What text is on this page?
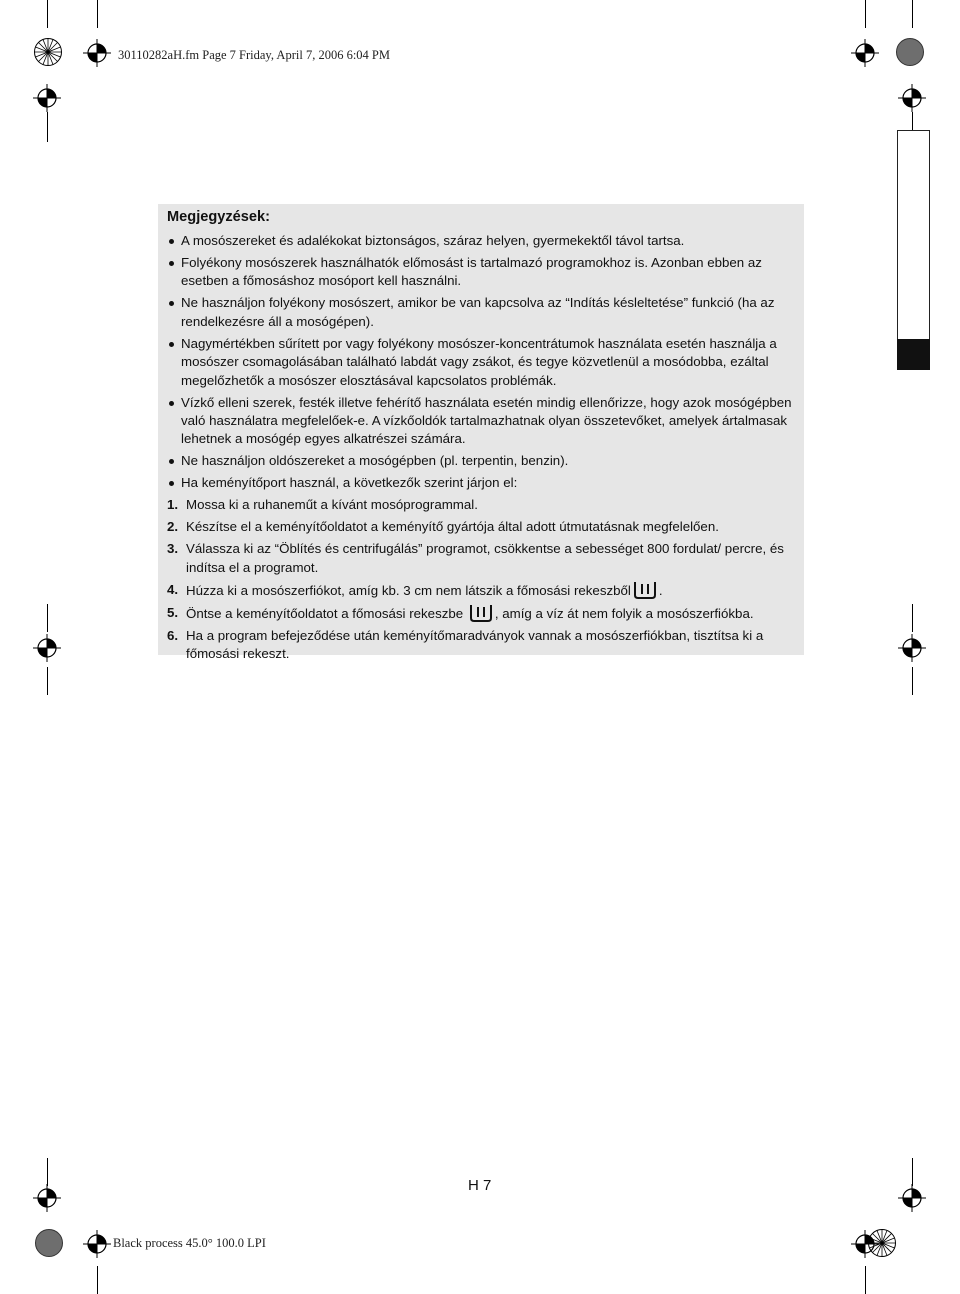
30110282aH.fm Page 7 Friday, April 7, 2006 6:04 PM
Black process 45.0° 100.0 LPI
Megjegyzések:
A mosószereket és adalékokat biztonságos, száraz helyen, gyermekektől távol tartsa.
Folyékony mosószerek használhatók előmosást is tartalmazó programokhoz is. Azonban ebben az esetben a főmosáshoz mosóport kell használni.
Ne használjon folyékony mosószert, amikor be van kapcsolva az “Indítás késleltetése” funkció (ha az rendelkezésre áll a mosógépen).
Nagymértékben sűrített por vagy folyékony mosószer-koncentrátumok használata esetén használja a mosószer csomagolásában található labdát vagy zsákot, és tegye közvetlenül a mosódobba, ezáltal megelőzhetők a mosószer elosztásával kapcsolatos problémák.
Vízkő elleni szerek, festék illetve fehérítő használata esetén mindig ellenőrizze, hogy azok mosógépben való használatra megfelelőek-e. A vízkőoldók tartalmazhatnak olyan összetevőket, amelyek ártalmasak lehetnek a mosógép egyes alkatrészei számára.
Ne használjon oldószereket a mosógépben (pl. terpentin, benzin).
Ha keményítőport használ, a következők szerint járjon el:
1. Mossa ki a ruhaneműt a kívánt mosóprogrammal.
2. Készítse el a keményítőoldatot a keményítő gyártója által adott útmutatásnak megfelelően.
3. Válassza ki az “Öblítés és centrifugálás” programot, csökkentse a sebességet 800 fordulat/ percre, és indítsa el a programot.
4. Húzza ki a mosószerfiókot, amíg kb. 3 cm nem látszik a főmosási rekeszből .
5. Öntse a keményítőoldatot a főmosási rekeszbe , amíg a víz át nem folyik a mosószerfiókba.
6. Ha a program befejeződése után keményítőmaradványok vannak a mosószerfiókban, tisztítsa ki a főmosási rekeszt.
H 7
